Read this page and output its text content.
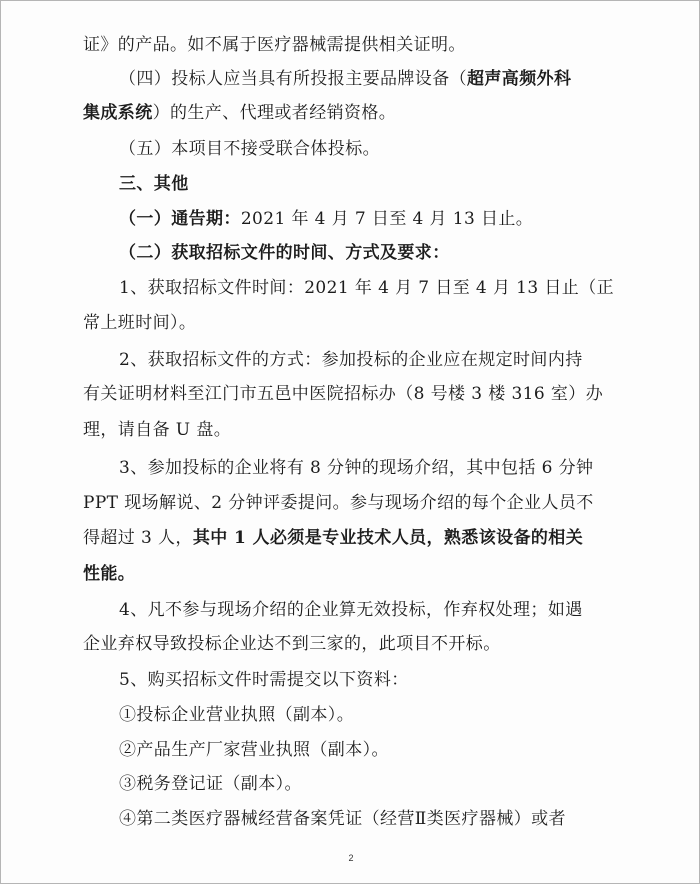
证》的产品。如不属于医疗器械需提供相关证明。
（四）投标人应当具有所投报主要品牌设备（超声高频外科
集成系统）的生产、代理或者经销资格。
（五）本项目不接受联合体投标。
三、其他
（一）通告期：2021 年 4 月 7 日至 4 月 13 日止。
（二）获取招标文件的时间、方式及要求：
1、获取招标文件时间：2021 年 4 月 7 日至 4 月 13 日止（正
常上班时间）。
2、获取招标文件的方式：参加投标的企业应在规定时间内持
有关证明材料至江门市五邑中医院招标办（8 号楼 3 楼 316 室）办
理，请自备 U 盘。
3、参加投标的企业将有 8 分钟的现场介绍，其中包括 6 分钟
PPT 现场解说、2 分钟评委提问。参与现场介绍的每个企业人员不
得超过 3 人，其中 1 人必须是专业技术人员，熟悉该设备的相关
性能。
4、凡不参与现场介绍的企业算无效投标，作弃权处理；如遇
企业弃权导致投标企业达不到三家的，此项目不开标。
5、购买招标文件时需提交以下资料：
①投标企业营业执照（副本）。
②产品生产厂家营业执照（副本）。
③税务登记证（副本）。
④第二类医疗器械经营备案凭证（经营Ⅱ类医疗器械）或者
2
